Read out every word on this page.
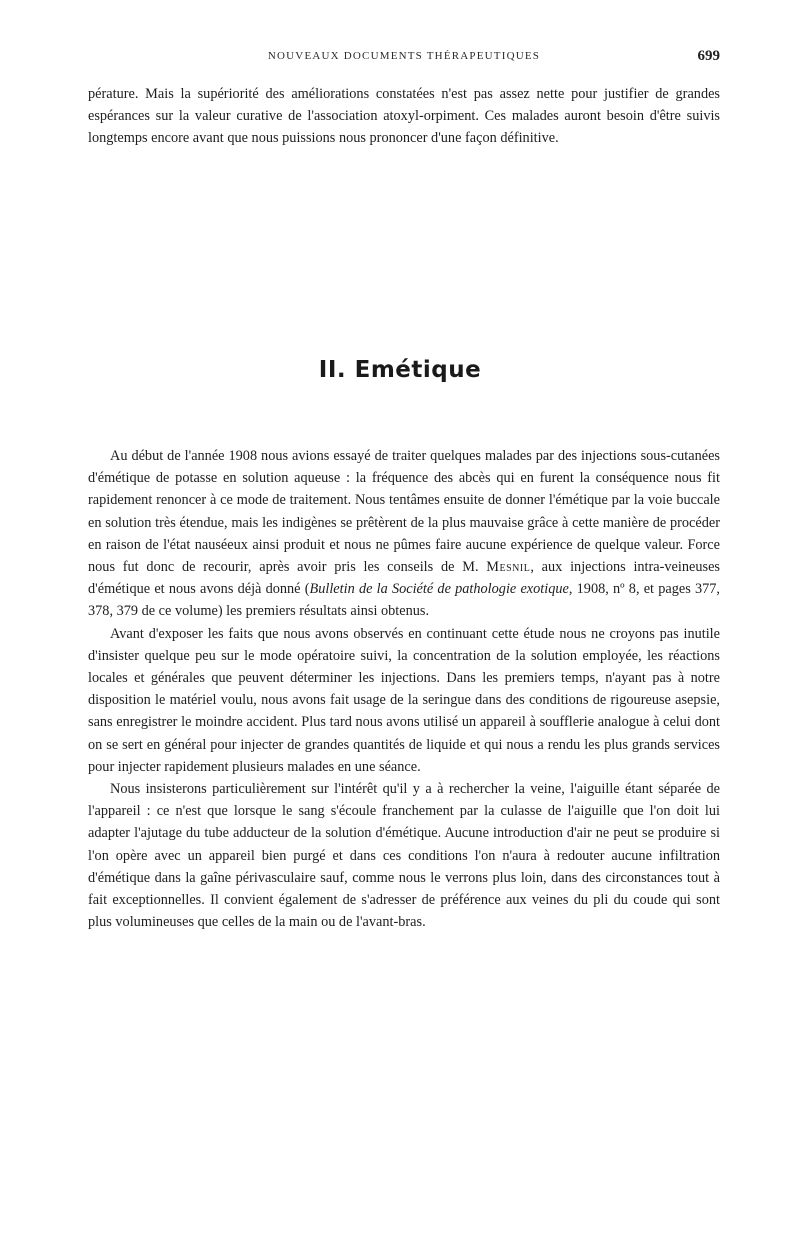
NOUVEAUX DOCUMENTS THÉRAPEUTIQUES	699

pérature. Mais la supériorité des améliorations constatées n'est pas assez nette pour justifier de grandes espérances sur la valeur curative de l'association atoxyl-orpiment. Ces malades auront besoin d'être suivis longtemps encore avant que nous puissions nous prononcer d'une façon définitive.

II. Emétique

Au début de l'année 1908 nous avions essayé de traiter quelques malades par des injections sous-cutanées d'émétique de potasse en solution aqueuse : la fréquence des abcès qui en furent la conséquence nous fit rapidement renoncer à ce mode de traitement. Nous tentâmes ensuite de donner l'émétique par la voie buccale en solution très étendue, mais les indigènes se prêtèrent de la plus mauvaise grâce à cette manière de procéder en raison de l'état nauséeux ainsi produit et nous ne pûmes faire aucune expérience de quelque valeur. Force nous fut donc de recourir, après avoir pris les conseils de M. Mesnil, aux injections intra-veineuses d'émétique et nous avons déjà donné (Bulletin de la Société de pathologie exotique, 1908, nº 8, et pages 377, 378, 379 de ce volume) les premiers résultats ainsi obtenus.

Avant d'exposer les faits que nous avons observés en continuant cette étude nous ne croyons pas inutile d'insister quelque peu sur le mode opératoire suivi, la concentration de la solution employée, les réactions locales et générales que peuvent déterminer les injections. Dans les premiers temps, n'ayant pas à notre disposition le matériel voulu, nous avons fait usage de la seringue dans des conditions de rigoureuse asepsie, sans enregistrer le moindre accident. Plus tard nous avons utilisé un appareil à soufflerie analogue à celui dont on se sert en général pour injecter de grandes quantités de liquide et qui nous a rendu les plus grands services pour injecter rapidement plusieurs malades en une séance.

Nous insisterons particulièrement sur l'intérêt qu'il y a à rechercher la veine, l'aiguille étant séparée de l'appareil : ce n'est que lorsque le sang s'écoule franchement par la culasse de l'aiguille que l'on doit lui adapter l'ajutage du tube adducteur de la solution d'émétique. Aucune introduction d'air ne peut se produire si l'on opère avec un appareil bien purgé et dans ces conditions l'on n'aura à redouter aucune infiltration d'émétique dans la gaîne périvasculaire sauf, comme nous le verrons plus loin, dans des circonstances tout à fait exceptionnelles. Il convient également de s'adresser de préférence aux veines du pli du coude qui sont plus volumineuses que celles de la main ou de l'avant-bras.
